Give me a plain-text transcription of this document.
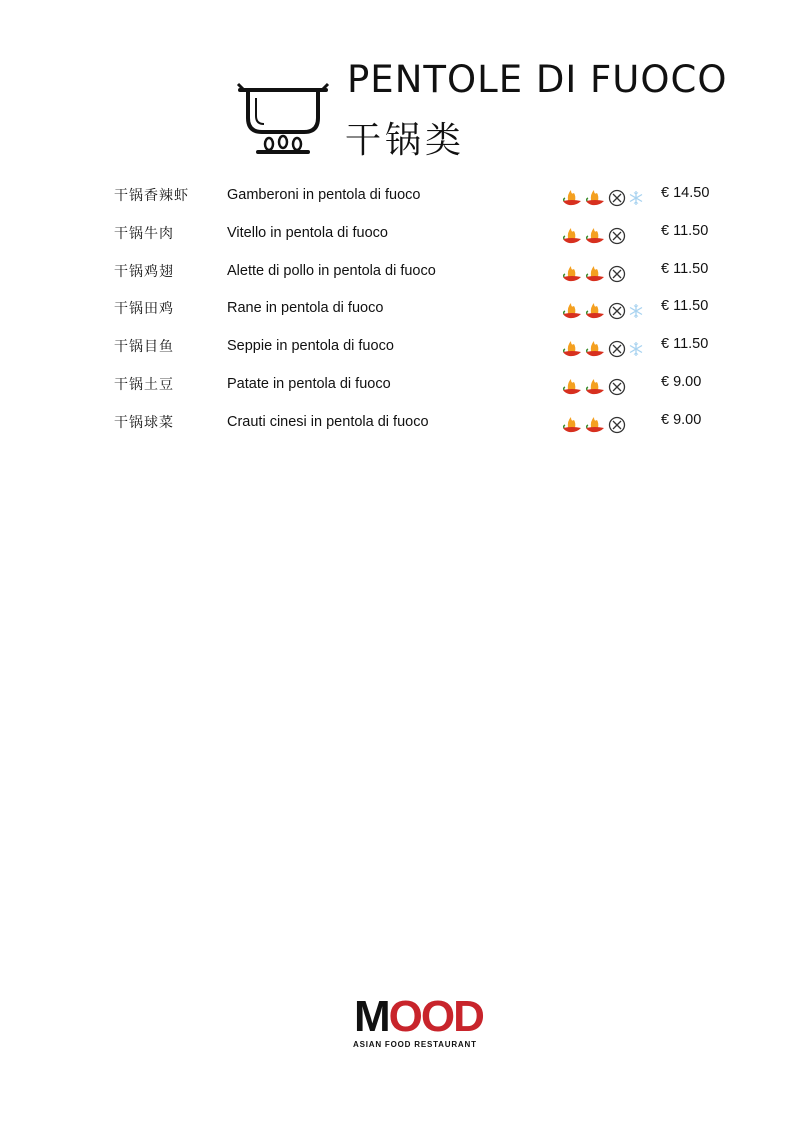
PENTOLE DI FUOCO
干锅类
干锅香辣虾	Gamberoni in pentola di fuoco	€ 14.50
干锅牛肉	Vitello in pentola di fuoco	€ 11.50
干锅鸡翅	Alette di pollo in pentola di fuoco	€ 11.50
干锅田鸡	Rane in pentola di fuoco	€ 11.50
干锅目鱼	Seppie in pentola di fuoco	€ 11.50
干锅土豆	Patate in pentola di fuoco	€ 9.00
干锅球菜	Crauti cinesi in pentola di fuoco	€ 9.00
MOOD
ASIAN FOOD RESTAURANT
